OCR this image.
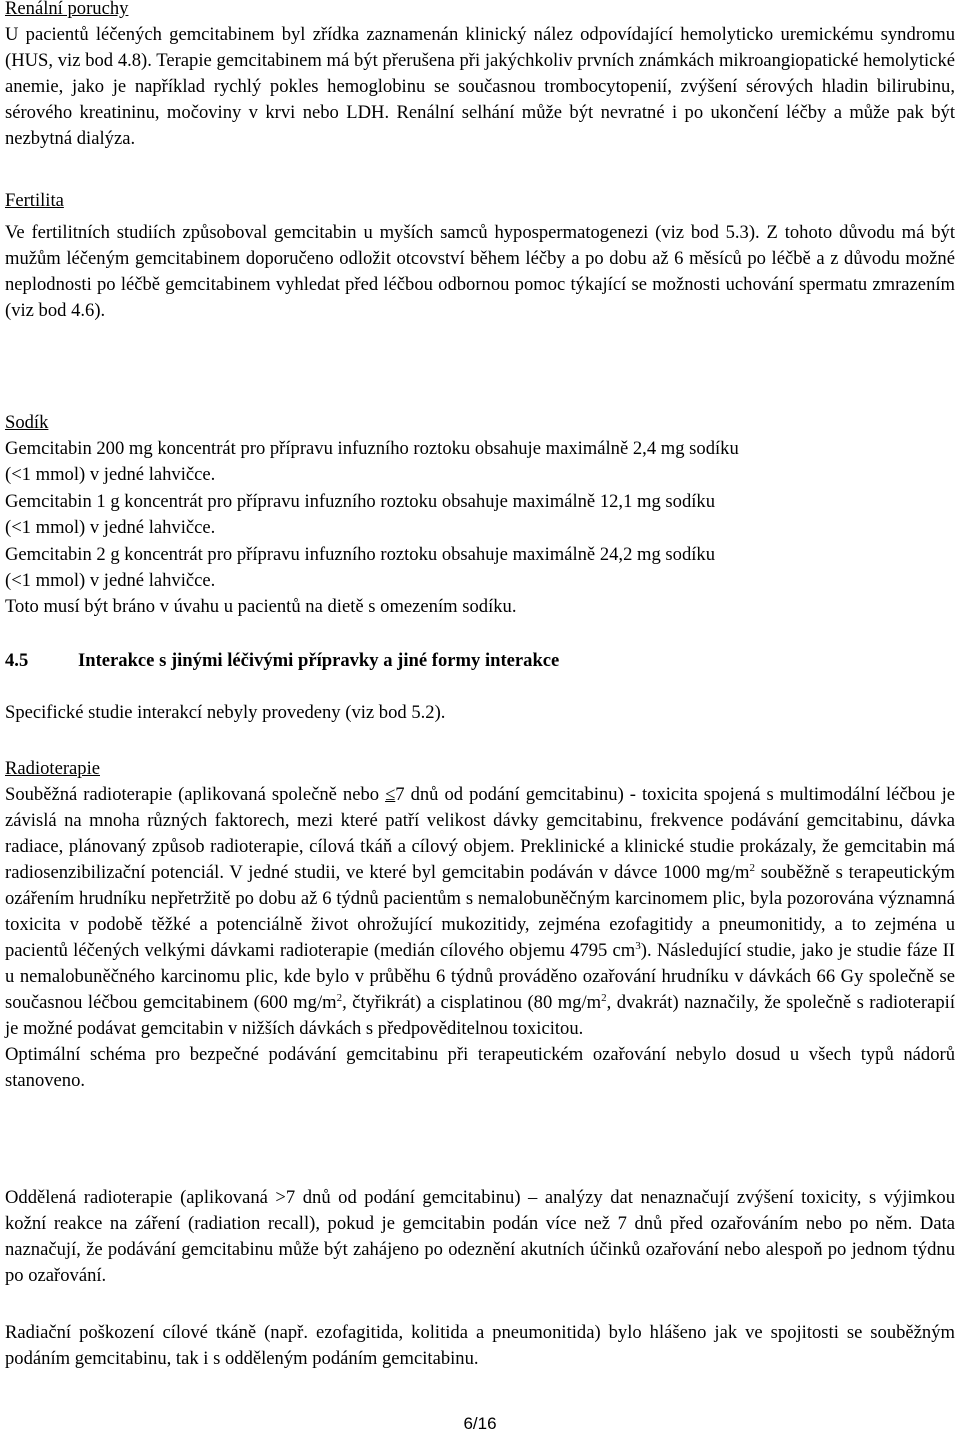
Renální poruchy

U pacientů léčených gemcitabinem byl zřídka zaznamenán klinický nález odpovídající hemolyticko uremickému syndromu (HUS, viz bod 4.8). Terapie gemcitabinem má být přerušena při jakýchkoliv prvních známkách mikroangiopatické hemolytické anemie, jako je například rychlý pokles hemoglobinu se současnou trombocytopenií, zvýšení sérových hladin bilirubinu, sérového kreatininu, močoviny v krvi nebo LDH. Renální selhání může být nevratné i po ukončení léčby a může pak být nezbytná dialýza.

Fertilita

Ve fertilitních studiích způsoboval gemcitabin u myších samců hypospermatogenezi (viz bod 5.3). Z tohoto důvodu má být mužům léčeným gemcitabinem doporučeno odložit otcovství během léčby a po dobu až 6 měsíců po léčbě a z důvodu možné neplodnosti po léčbě gemcitabinem vyhledat před léčbou odbornou pomoc týkající se možnosti uchování spermatu zmrazením (viz bod 4.6).

Sodík

Gemcitabin 200 mg koncentrát pro přípravu infuzního roztoku obsahuje maximálně 2,4 mg sodíku

(<1 mmol) v jedné lahvičce.

Gemcitabin 1 g koncentrát pro přípravu infuzního roztoku obsahuje maximálně 12,1 mg sodíku

(<1 mmol) v jedné lahvičce.

Gemcitabin 2 g koncentrát pro přípravu infuzního roztoku obsahuje maximálně 24,2 mg sodíku

(<1 mmol) v jedné lahvičce.

Toto musí být bráno v úvahu u pacientů na dietě s omezením sodíku.

4.5	Interakce s jinými léčivými přípravky a jiné formy interakce

Specifické studie interakcí nebyly provedeny (viz bod 5.2).

Radioterapie

Souběžná radioterapie (aplikovaná společně nebo ≤7 dnů od podání gemcitabinu) - toxicita spojená s multimodální léčbou je závislá na mnoha různých faktorech, mezi které patří velikost dávky gemcitabinu, frekvence podávání gemcitabinu, dávka radiace, plánovaný způsob radioterapie, cílová tkáň a cílový objem. Preklinické a klinické studie prokázaly, že gemcitabin má radiosenzibilizační potenciál. V jedné studii, ve které byl gemcitabin podáván v dávce 1000 $mg/m^2$ souběžně s terapeutickým ozářením hrudníku nepřetržitě po dobu až 6 týdnů pacientům s nemalobuněčným karcinomem plic, byla pozorována významná toxicita v podobě těžké a potenciálně život ohrožující mukozitidy, zejména ezofagitidy a pneumonitidy, a to zejména u pacientů léčených velkými dávkami radioterapie (medián cílového objemu 4795 $cm^3$). Následující studie, jako je studie fáze II u nemalobuněčného karcinomu plic, kde bylo v průběhu 6 týdnů prováděno ozařování hrudníku v dávkách 66 Gy společně se současnou léčbou gemcitabinem (600 $mg/m^2$, čtyřikrát) a cisplatinou (80 $mg/m^2$, dvakrát) naznačily, že společně s radioterapií je možné podávat gemcitabin v nižších dávkách s předpověditelnou toxicitou.

Optimální schéma pro bezpečné podávání gemcitabinu při terapeutickém ozařování nebylo dosud u všech typů nádorů stanoveno.

Oddělená radioterapie (aplikovaná >7 dnů od podání gemcitabinu) – analýzy dat nenaznačují zvýšení toxicity, s výjimkou kožní reakce na záření (radiation recall), pokud je gemcitabin podán více než 7 dnů před ozařováním nebo po něm. Data naznačují, že podávání gemcitabinu může být zahájeno po odeznění akutních účinků ozařování nebo alespoň po jednom týdnu po ozařování.

Radiační poškození cílové tkáně (např. ezofagitida, kolitida a pneumonitida) bylo hlášeno jak ve spojitosti se souběžným podáním gemcitabinu, tak i s odděleným podáním gemcitabinu.

6/16
